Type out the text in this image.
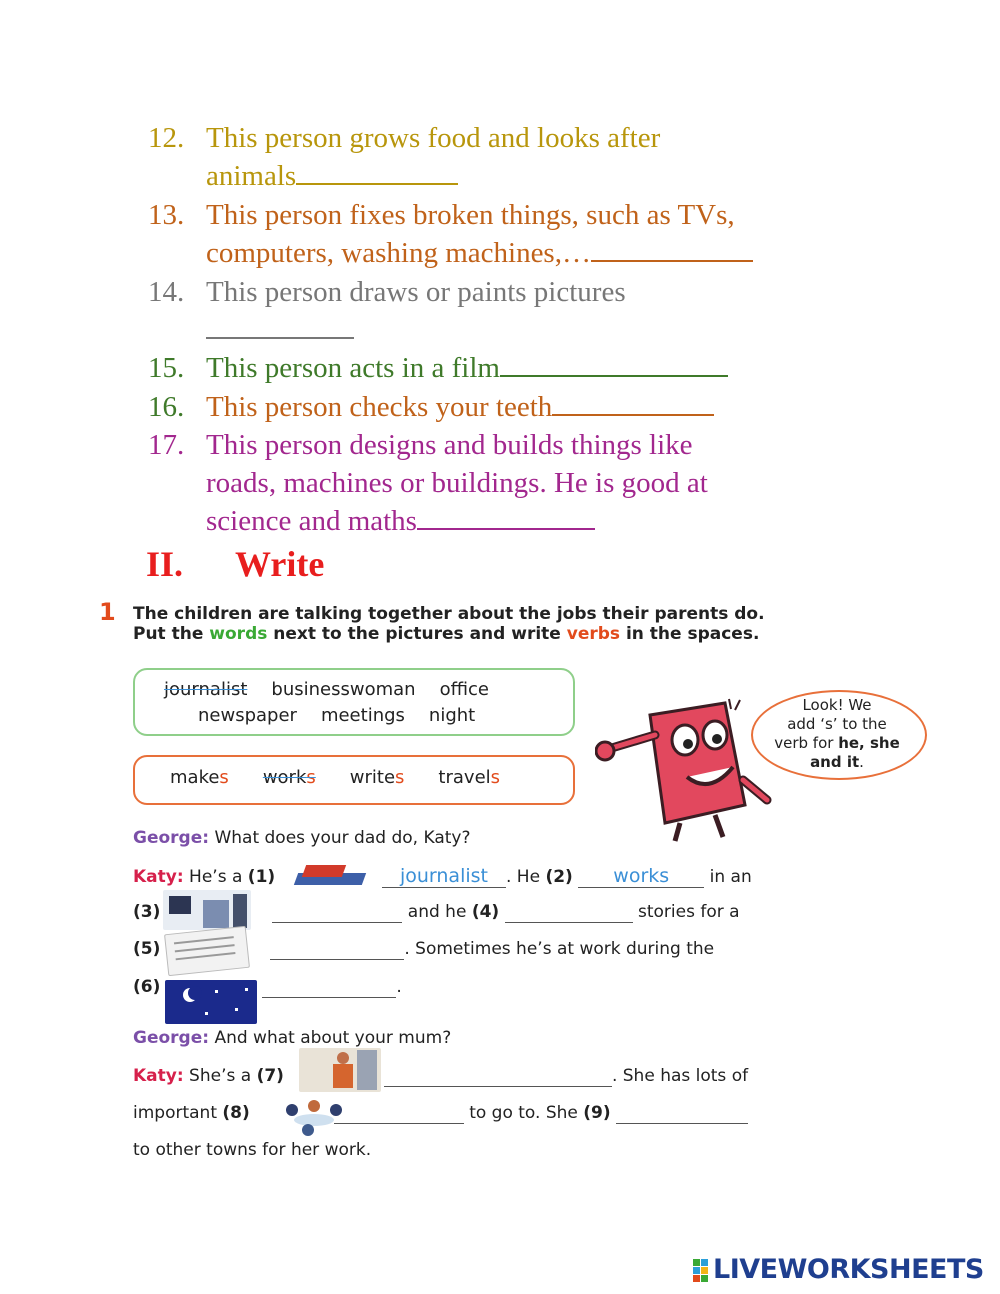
12. This person grows food and looks after
animals
13. This person fixes broken things, such as TVs,
computers, washing machines,…
14. This person draws or paints pictures

15. This person acts in a film
16. This person checks your teeth
17. This person designs and builds things like
roads, machines or buildings. He is good at
science and maths
II. Write
1 The children are talking together about the jobs their parents do.
Put the words next to the pictures and write verbs in the spaces.
journalist businesswoman office
newspaper meetings night
makes works writes travels
Look! We
add ‘s’ to the
verb for he, she
and it.
George: What does your dad do, Katy?
Katy: He’s a (1)	journalist . He (2) works in an
(3)	and he (4)	stories for a
(5)	. Sometimes he’s at work during the
(6)	.
George: And what about your mum?
Katy: She’s a (7)	. She has lots of
important (8)	to go to. She (9)
to other towns for her work.
LIVEWORKSHEETS
